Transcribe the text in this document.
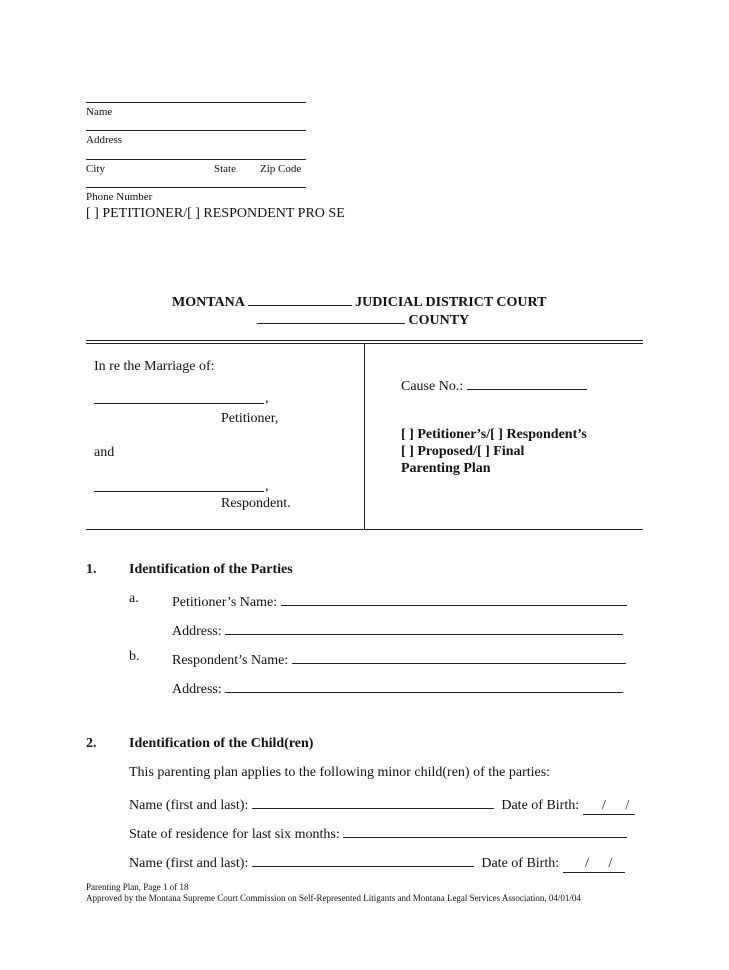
Name
Address
City	State Zip Code
Phone Number
[ ] PETITIONER/[ ] RESPONDENT PRO SE
MONTANA	JUDICIAL DISTRICT COURT
COUNTY
In re the Marriage of:
,
Petitioner,
and
,
Respondent.
Cause No.:
[ ] Petitioner’s/[ ] Respondent’s
[ ] Proposed/[ ] Final
Parenting Plan
1. Identification of the Parties
a. Petitioner’s Name:
Address:
b. Respondent’s Name:
Address:
2. Identification of the Child(ren)
This parenting plan applies to the following minor child(ren) of the parties:
Name (first and last):	Date of Birth: / /
State of residence for last six months:
Name (first and last):	Date of Birth: / /
Parenting Plan, Page 1 of 18
Approved by the Montana Supreme Court Commission on Self-Represented Litigants and Montana Legal Services Association, 04/01/04
